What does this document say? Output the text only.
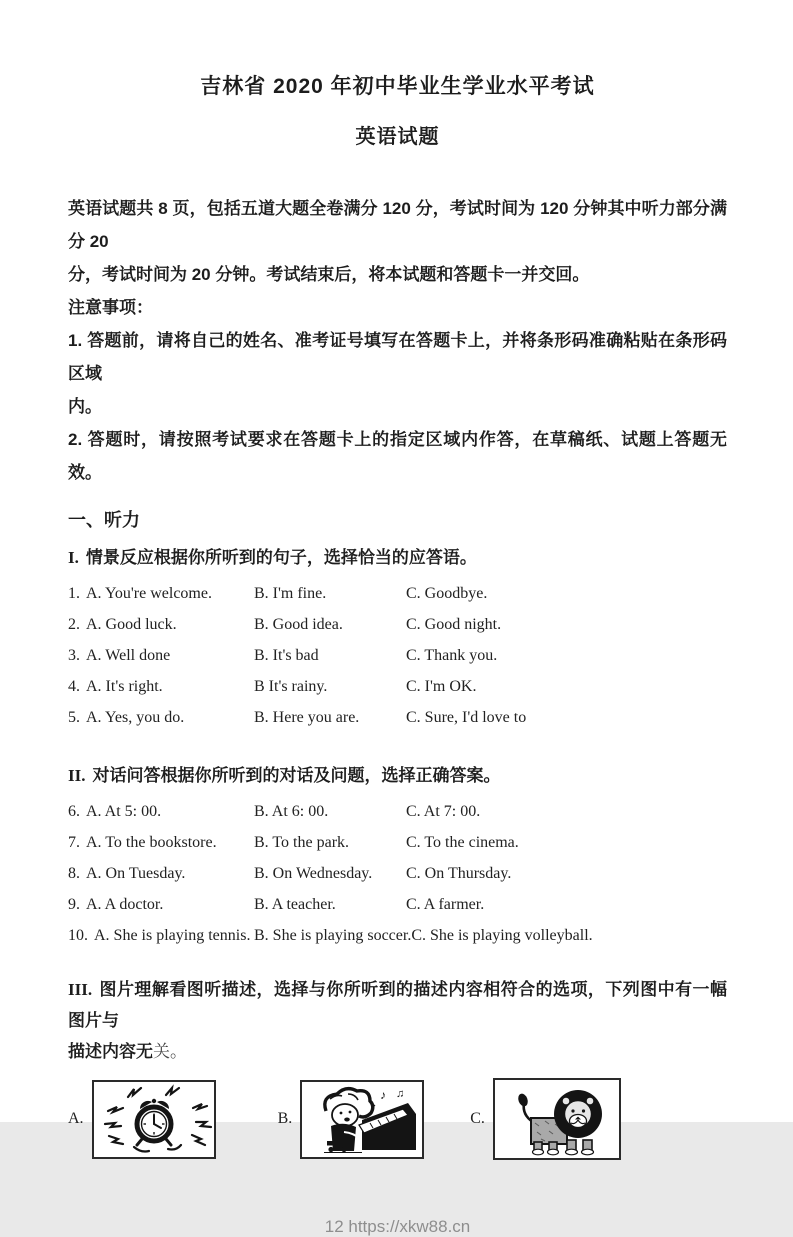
吉林省 2020 年初中毕业生学业水平考试
英语试题
英语试题共 8 页，包括五道大题全卷满分 120 分，考试时间为 120 分钟其中听力部分满分 20
分，考试时间为 20 分钟。考试结束后，将本试题和答题卡一并交回。
注意事项：
1. 答题前，请将自己的姓名、准考证号填写在答题卡上，并将条形码准确粘贴在条形码区域
内。
2. 答题时，请按照考试要求在答题卡上的指定区域内作答，在草稿纸、试题上答题无效。
一、听力
I. 情景反应根据你所听到的句子，选择恰当的应答语。
1. A. You're welcome.	B. I'm fine.	C. Goodbye.
2. A. Good luck.	B. Good idea.	C. Good night.
3. A. Well done	B. It's bad	C. Thank you.
4. A. It's right.	B It's rainy.	C. I'm OK.
5. A. Yes, you do.	B. Here you are.	C. Sure, I'd love to
II. 对话问答根据你所听到的对话及问题，选择正确答案。
6. A. At 5: 00.	B. At 6: 00.	C. At 7: 00.
7. A. To the bookstore.	B. To the park.	C. To the cinema.
8. A. On Tuesday.	B. On Wednesday.	C. On Thursday.
9. A. A doctor.	B. A teacher.	C. A farmer.
10. A. She is playing tennis. B. She is playing soccer. C. She is playing volleyball.
III. 图片理解看图听描述，选择与你所听到的描述内容相符合的选项，下列图中有一幅图片与
描述内容无关。
A.	B.
♪ ♫
C.
12 https://xkw88.cn
